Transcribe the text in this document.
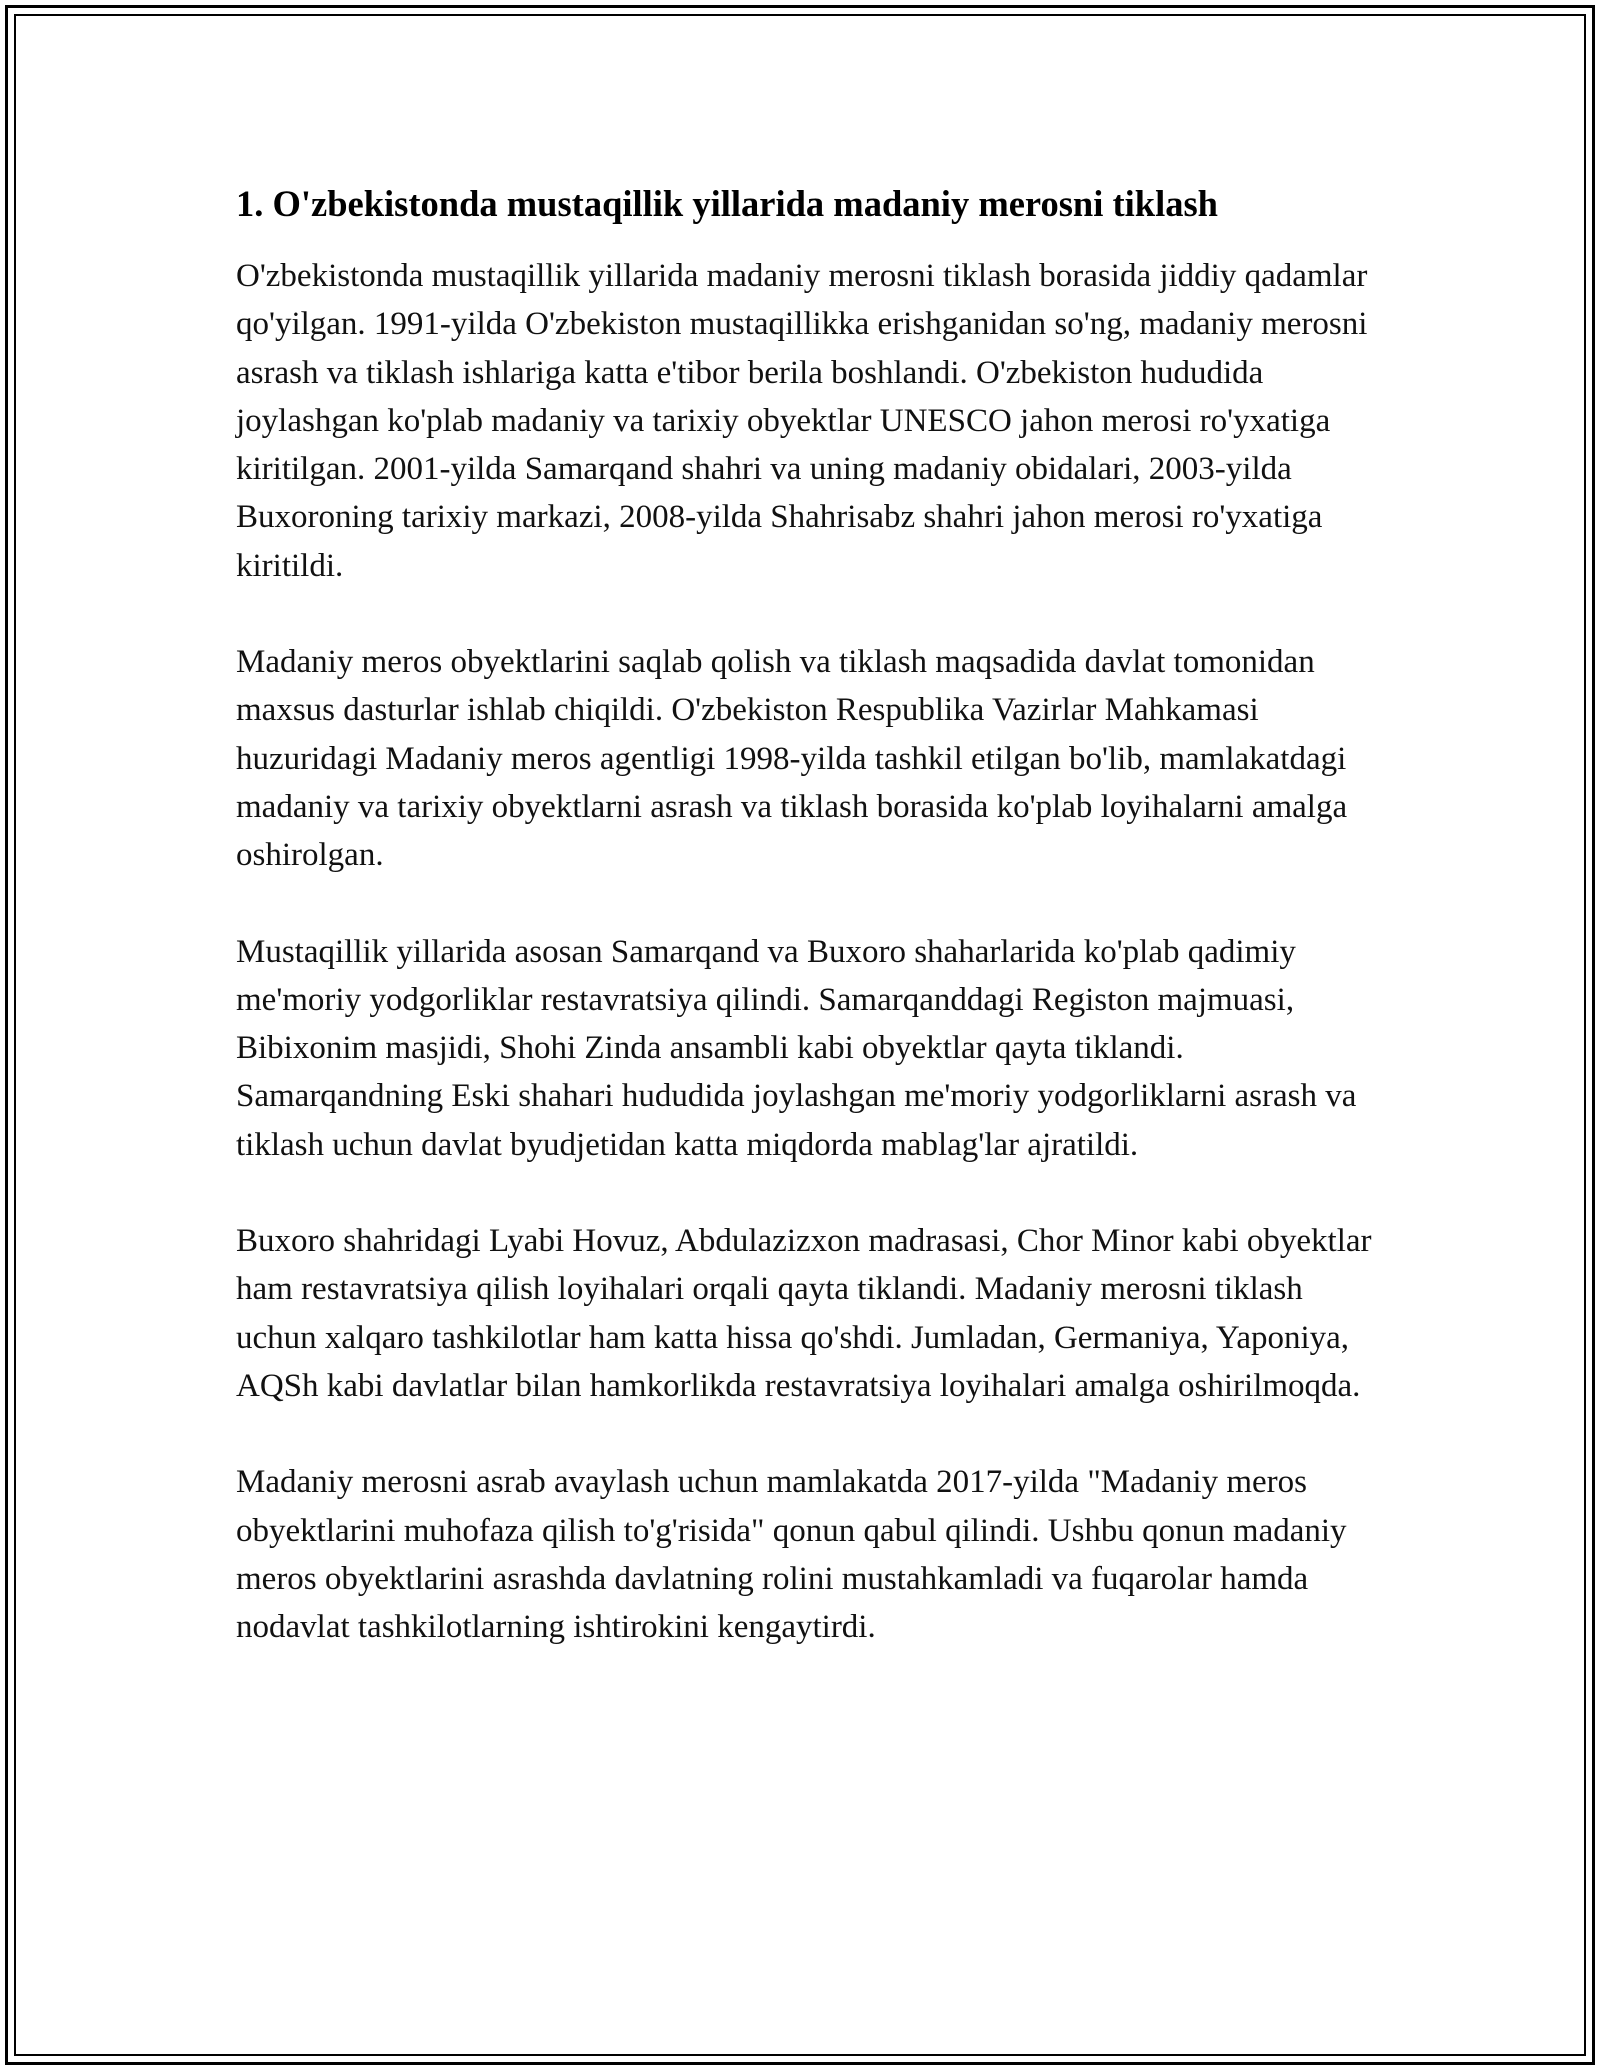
1. O'zbekistonda mustaqillik yillarida madaniy merosni tiklash

O'zbekistonda mustaqillik yillarida madaniy merosni tiklash borasida jiddiy qadamlar qo'yilgan. 1991-yilda O'zbekiston mustaqillikka erishganidan so'ng, madaniy merosni asrash va tiklash ishlariga katta e'tibor berila boshlandi. O'zbekiston hududida joylashgan ko'plab madaniy va tarixiy obyektlar UNESCO jahon merosi ro'yxatiga kiritilgan. 2001-yilda Samarqand shahri va uning madaniy obidalari, 2003-yilda Buxoroning tarixiy markazi, 2008-yilda Shahrisabz shahri jahon merosi ro'yxatiga kiritildi.

Madaniy meros obyektlarini saqlab qolish va tiklash maqsadida davlat tomonidan maxsus dasturlar ishlab chiqildi. O'zbekiston Respublika Vazirlar Mahkamasi huzuridagi Madaniy meros agentligi 1998-yilda tashkil etilgan bo'lib, mamlakatdagi madaniy va tarixiy obyektlarni asrash va tiklash borasida ko'plab loyihalarni amalga oshirolgan.

Mustaqillik yillarida asosan Samarqand va Buxoro shaharlarida ko'plab qadimiy me'moriy yodgorliklar restavratsiya qilindi. Samarqanddagi Registon majmuasi, Bibixonim masjidi, Shohi Zinda ansambli kabi obyektlar qayta tiklandi. Samarqandning Eski shahari hududida joylashgan me'moriy yodgorliklarni asrash va tiklash uchun davlat byudjetidan katta miqdorda mablag'lar ajratildi.

Buxoro shahridagi Lyabi Hovuz, Abdulazizxon madrasasi, Chor Minor kabi obyektlar ham restavratsiya qilish loyihalari orqali qayta tiklandi. Madaniy merosni tiklash uchun xalqaro tashkilotlar ham katta hissa qo'shdi. Jumladan, Germaniya, Yaponiya, AQSh kabi davlatlar bilan hamkorlikda restavratsiya loyihalari amalga oshirilmoqda.

Madaniy merosni asrab avaylash uchun mamlakatda 2017-yilda "Madaniy meros obyektlarini muhofaza qilish to'g'risida" qonun qabul qilindi. Ushbu qonun madaniy meros obyektlarini asrashda davlatning rolini mustahkamladi va fuqarolar hamda nodavlat tashkilotlarning ishtirokini kengaytirdi.
